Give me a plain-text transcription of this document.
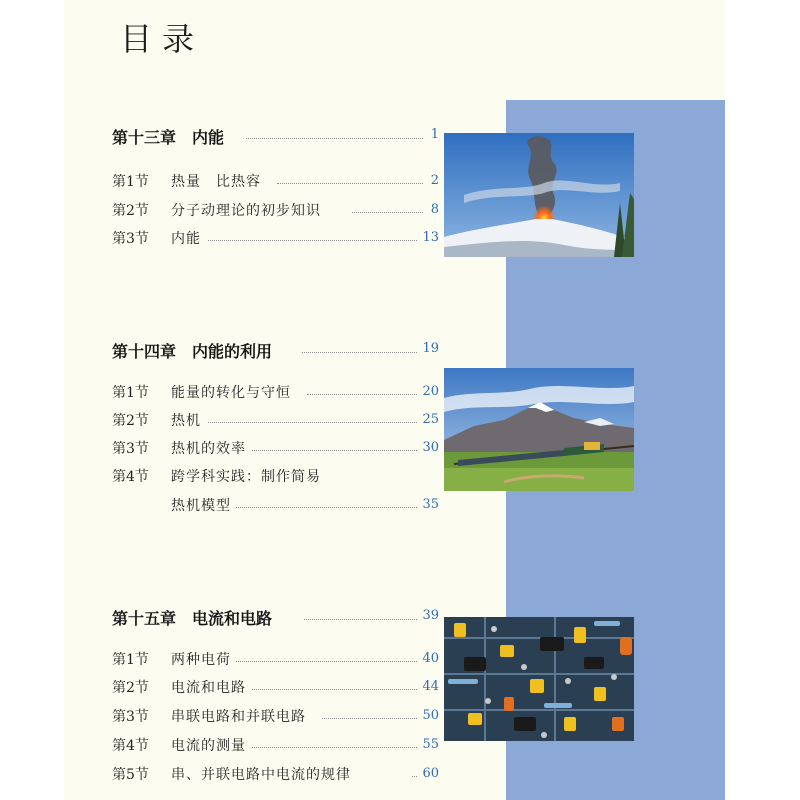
目录
第十三章 内能	1
第1节 热量　比热容	2
第2节 分子动理论的初步知识	8
第3节 内能	13
第十四章 内能的利用	19
第1节 能量的转化与守恒	20
第2节 热机	25
第3节 热机的效率	30
第4节 跨学科实践：制作简易
热机模型	35
第十五章 电流和电路	39
第1节 两种电荷	40
第2节 电流和电路	44
第3节 串联电路和并联电路	50
第4节 电流的测量	55
第5节 串、并联电路中电流的规律	60
